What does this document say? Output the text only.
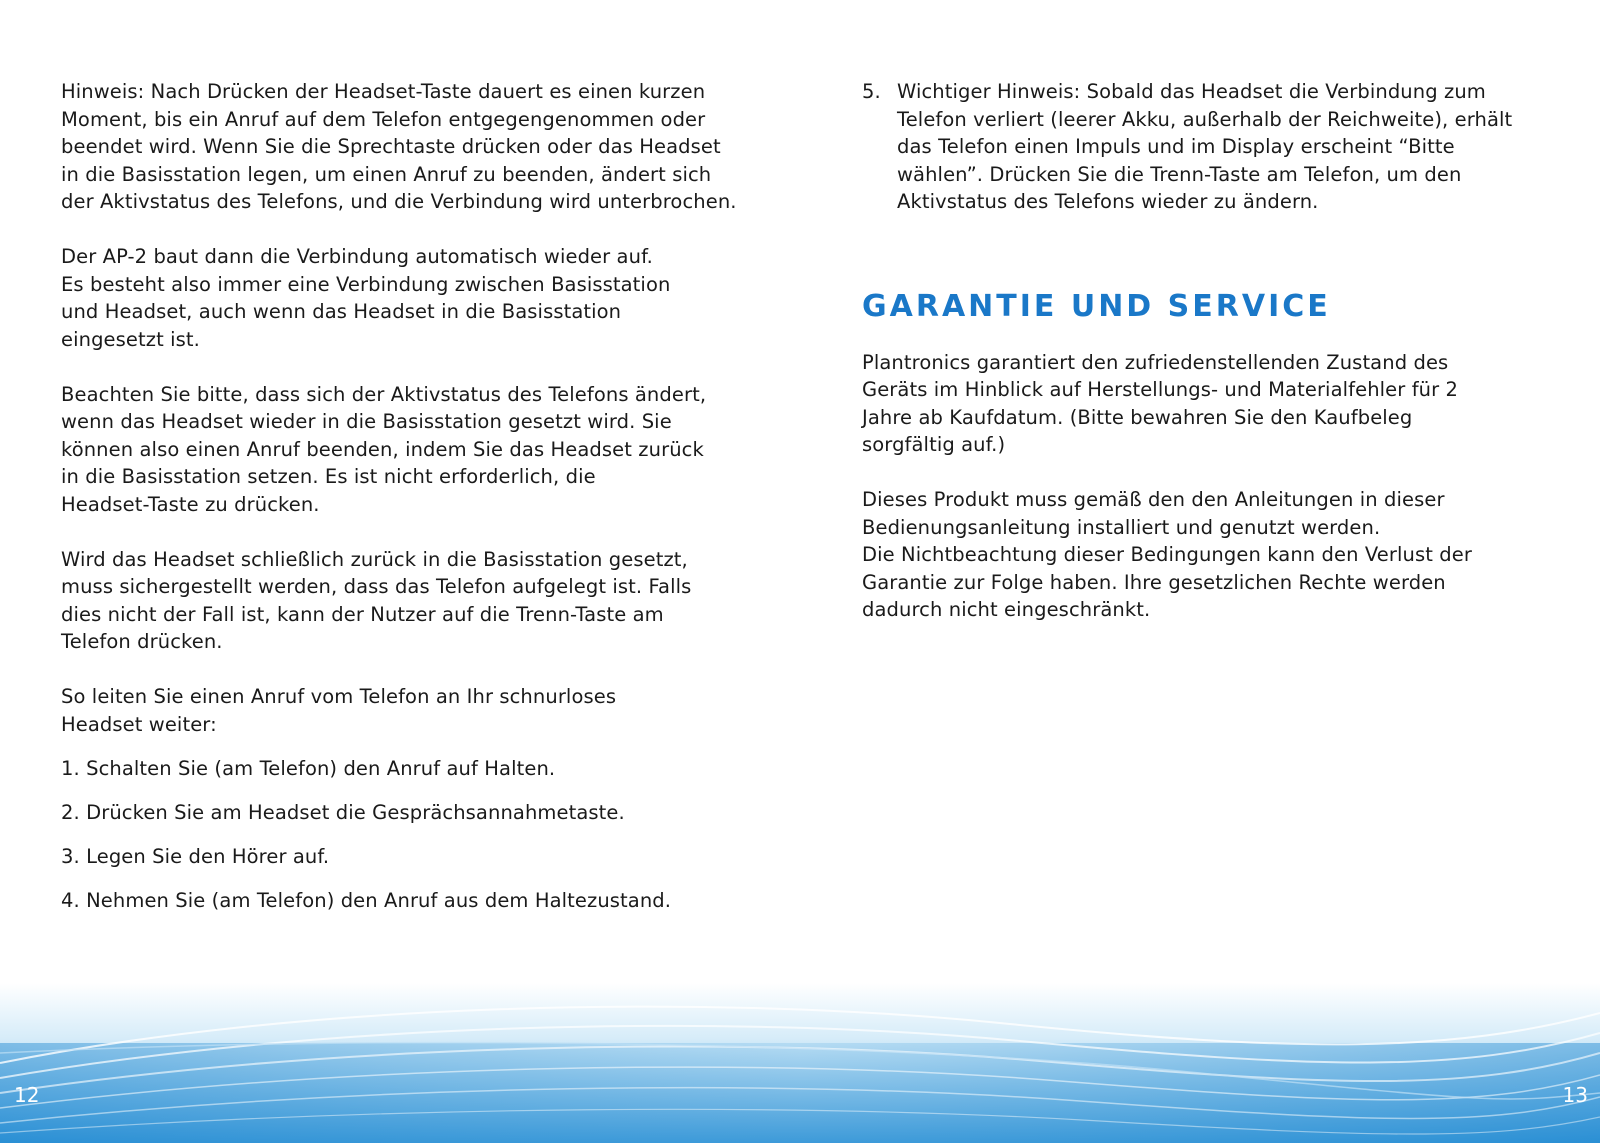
Hinweis: Nach Drücken der Headset-Taste dauert es einen kurzen
Moment, bis ein Anruf auf dem Telefon entgegengenommen oder
beendet wird. Wenn Sie die Sprechtaste drücken oder das Headset
in die Basisstation legen, um einen Anruf zu beenden, ändert sich
der Aktivstatus des Telefons, und die Verbindung wird unterbrochen.

Der AP-2 baut dann die Verbindung automatisch wieder auf.
Es besteht also immer eine Verbindung zwischen Basisstation
und Headset, auch wenn das Headset in die Basisstation
eingesetzt ist.

Beachten Sie bitte, dass sich der Aktivstatus des Telefons ändert,
wenn das Headset wieder in die Basisstation gesetzt wird. Sie
können also einen Anruf beenden, indem Sie das Headset zurück
in die Basisstation setzen. Es ist nicht erforderlich, die
Headset-Taste zu drücken.

Wird das Headset schließlich zurück in die Basisstation gesetzt,
muss sichergestellt werden, dass das Telefon aufgelegt ist. Falls
dies nicht der Fall ist, kann der Nutzer auf die Trenn-Taste am
Telefon drücken.

So leiten Sie einen Anruf vom Telefon an Ihr schnurloses
Headset weiter:

1. Schalten Sie (am Telefon) den Anruf auf Halten.

2. Drücken Sie am Headset die Gesprächsannahmetaste.

3. Legen Sie den Hörer auf.

4. Nehmen Sie (am Telefon) den Anruf aus dem Haltezustand.

5. Wichtiger Hinweis: Sobald das Headset die Verbindung zum
Telefon verliert (leerer Akku, außerhalb der Reichweite), erhält
das Telefon einen Impuls und im Display erscheint “Bitte
wählen”. Drücken Sie die Trenn-Taste am Telefon, um den
Aktivstatus des Telefons wieder zu ändern.
GARANTIE UND SERVICE

Plantronics garantiert den zufriedenstellenden Zustand des
Geräts im Hinblick auf Herstellungs- und Materialfehler für 2
Jahre ab Kaufdatum. (Bitte bewahren Sie den Kaufbeleg
sorgfältig auf.)

Dieses Produkt muss gemäß den den Anleitungen in dieser
Bedienungsanleitung installiert und genutzt werden.
Die Nichtbeachtung dieser Bedingungen kann den Verlust der
Garantie zur Folge haben. Ihre gesetzlichen Rechte werden
dadurch nicht eingeschränkt.

12	13
